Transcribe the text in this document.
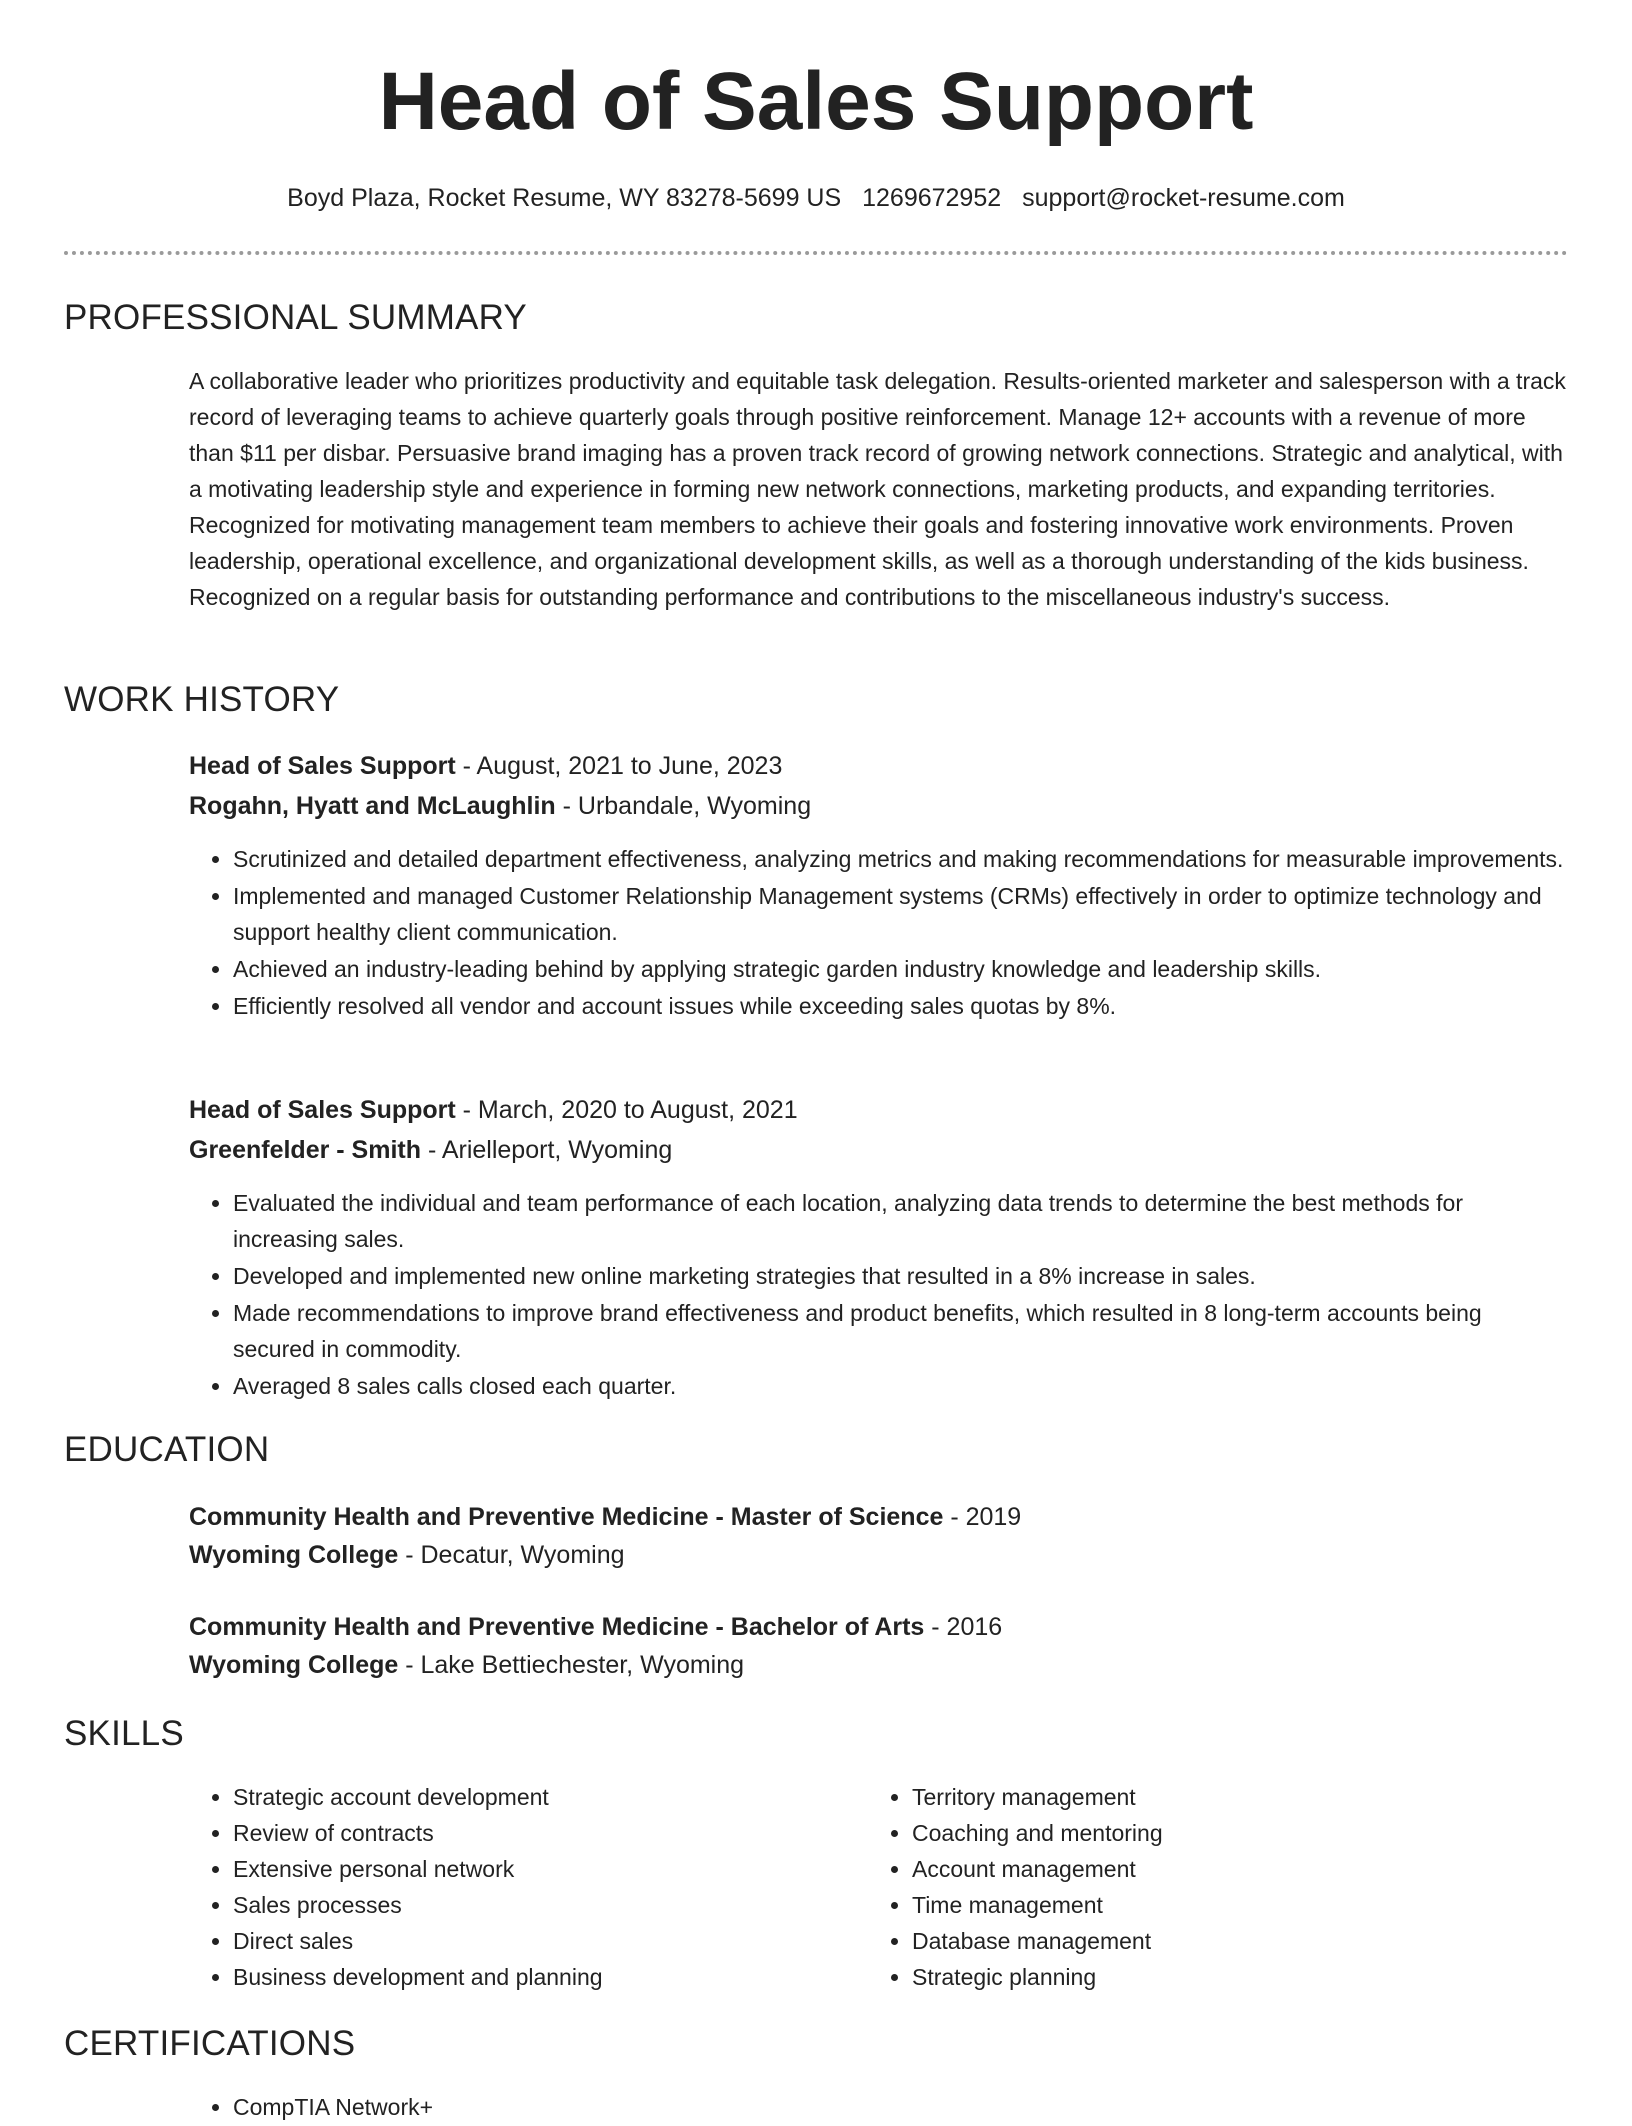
Head of Sales Support
Boyd Plaza, Rocket Resume, WY 83278-5699 US 1269672952 support@rocket-resume.com
PROFESSIONAL SUMMARY

A collaborative leader who prioritizes productivity and equitable task delegation. Results-oriented marketer and salesperson with a track record of leveraging teams to achieve quarterly goals through positive reinforcement. Manage 12+ accounts with a revenue of more than $11 per disbar. Persuasive brand imaging has a proven track record of growing network connections. Strategic and analytical, with a motivating leadership style and experience in forming new network connections, marketing products, and expanding territories. Recognized for motivating management team members to achieve their goals and fostering innovative work environments. Proven leadership, operational excellence, and organizational development skills, as well as a thorough understanding of the kids business. Recognized on a regular basis for outstanding performance and contributions to the miscellaneous industry's success.

WORK HISTORY
Head of Sales Support - August, 2021 to June, 2023
Rogahn, Hyatt and McLaughlin - Urbandale, Wyoming
• Scrutinized and detailed department effectiveness, analyzing metrics and making recommendations for measurable improvements.
• Implemented and managed Customer Relationship Management systems (CRMs) effectively in order to optimize technology and support healthy client communication.
• Achieved an industry-leading behind by applying strategic garden industry knowledge and leadership skills.
• Efficiently resolved all vendor and account issues while exceeding sales quotas by 8%.
Head of Sales Support - March, 2020 to August, 2021
Greenfelder - Smith - Arielleport, Wyoming
• Evaluated the individual and team performance of each location, analyzing data trends to determine the best methods for increasing sales.
• Developed and implemented new online marketing strategies that resulted in a 8% increase in sales.
• Made recommendations to improve brand effectiveness and product benefits, which resulted in 8 long-term accounts being secured in commodity.
• Averaged 8 sales calls closed each quarter.
EDUCATION
Community Health and Preventive Medicine - Master of Science - 2019
Wyoming College - Decatur, Wyoming
Community Health and Preventive Medicine - Bachelor of Arts - 2016
Wyoming College - Lake Bettiechester, Wyoming
SKILLS
• Strategic account development
• Review of contracts
• Extensive personal network
• Sales processes
• Direct sales
• Business development and planning
• Territory management
• Coaching and mentoring
• Account management
• Time management
• Database management
• Strategic planning
CERTIFICATIONS
• CompTIA Network+
